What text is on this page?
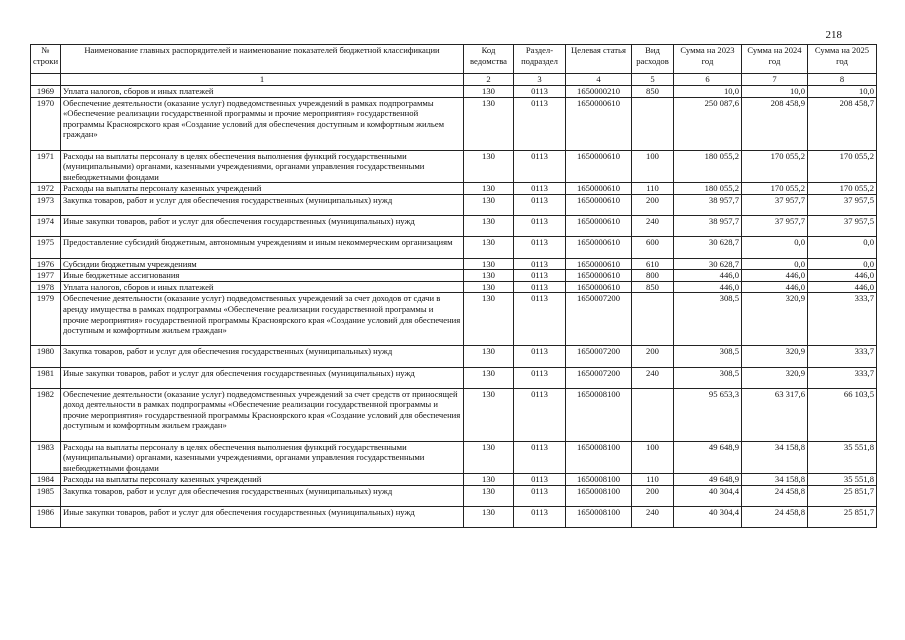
218
№ строки	Наименование главных распорядителей и наименование показателей бюджетной классификации	Код ведомства	Раздел-подраздел	Целевая статья	Вид расходов	Сумма на 2023 год	Сумма на 2024 год	Сумма на 2025 год
	1	2	3	4	5	6	7	8
1969	Уплата налогов, сборов и иных платежей	130	0113	1650000210	850	10,0	10,0	10,0
1970	Обеспечение деятельности (оказание услуг) подведомственных учреждений в рамках подпрограммы «Обеспечение реализации государственной программы и прочие мероприятия» государственной программы Красноярского края «Создание условий для обеспечения доступным и комфортным жильем граждан»	130	0113	1650000610		250 087,6	208 458,9	208 458,7
1971	Расходы на выплаты персоналу в целях обеспечения выполнения функций государственными (муниципальными) органами, казенными учреждениями, органами управления государственными внебюджетными фондами	130	0113	1650000610	100	180 055,2	170 055,2	170 055,2
1972	Расходы на выплаты персоналу казенных учреждений	130	0113	1650000610	110	180 055,2	170 055,2	170 055,2
1973	Закупка товаров, работ и услуг для обеспечения государственных (муниципальных) нужд	130	0113	1650000610	200	38 957,7	37 957,7	37 957,5
1974	Иные закупки товаров, работ и услуг для обеспечения государственных (муниципальных) нужд	130	0113	1650000610	240	38 957,7	37 957,7	37 957,5
1975	Предоставление субсидий бюджетным, автономным учреждениям и иным некоммерческим организациям	130	0113	1650000610	600	30 628,7	0,0	0,0
1976	Субсидии бюджетным учреждениям	130	0113	1650000610	610	30 628,7	0,0	0,0
1977	Иные бюджетные ассигнования	130	0113	1650000610	800	446,0	446,0	446,0
1978	Уплата налогов, сборов и иных платежей	130	0113	1650000610	850	446,0	446,0	446,0
1979	Обеспечение деятельности (оказание услуг) подведомственных учреждений за счет доходов от сдачи в аренду имущества в рамках подпрограммы «Обеспечение реализации государственной программы и прочие мероприятия» государственной программы Красноярского края «Создание условий для обеспечения доступным и комфортным жильем граждан»	130	0113	1650007200		308,5	320,9	333,7
1980	Закупка товаров, работ и услуг для обеспечения государственных (муниципальных) нужд	130	0113	1650007200	200	308,5	320,9	333,7
1981	Иные закупки товаров, работ и услуг для обеспечения государственных (муниципальных) нужд	130	0113	1650007200	240	308,5	320,9	333,7
1982	Обеспечение деятельности (оказание услуг) подведомственных учреждений за счет средств от приносящей доход деятельности в рамках подпрограммы «Обеспечение реализации государственной программы и прочие мероприятия» государственной программы Красноярского края «Создание условий для обеспечения доступным и комфортным жильем граждан»	130	0113	1650008100		95 653,3	63 317,6	66 103,5
1983	Расходы на выплаты персоналу в целях обеспечения выполнения функций государственными (муниципальными) органами, казенными учреждениями, органами управления государственными внебюджетными фондами	130	0113	1650008100	100	49 648,9	34 158,8	35 551,8
1984	Расходы на выплаты персоналу казенных учреждений	130	0113	1650008100	110	49 648,9	34 158,8	35 551,8
1985	Закупка товаров, работ и услуг для обеспечения государственных (муниципальных) нужд	130	0113	1650008100	200	40 304,4	24 458,8	25 851,7
1986	Иные закупки товаров, работ и услуг для обеспечения государственных (муниципальных) нужд	130	0113	1650008100	240	40 304,4	24 458,8	25 851,7
